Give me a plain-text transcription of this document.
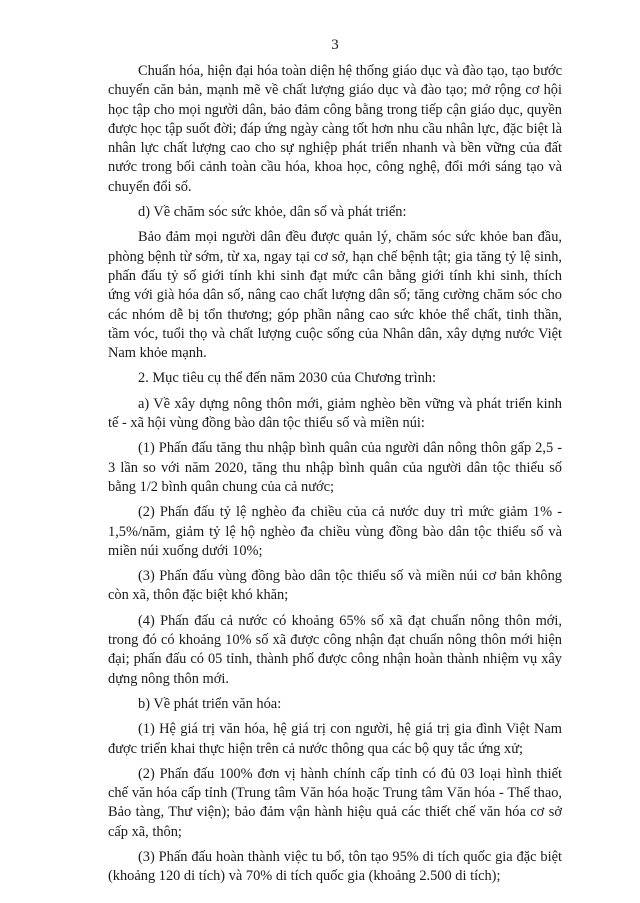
3

Chuẩn hóa, hiện đại hóa toàn diện hệ thống giáo dục và đào tạo, tạo bước chuyển căn bản, mạnh mẽ về chất lượng giáo dục và đào tạo; mở rộng cơ hội học tập cho mọi người dân, bảo đảm công bằng trong tiếp cận giáo dục, quyền được học tập suốt đời; đáp ứng ngày càng tốt hơn nhu cầu nhân lực, đặc biệt là nhân lực chất lượng cao cho sự nghiệp phát triển nhanh và bền vững của đất nước trong bối cảnh toàn cầu hóa, khoa học, công nghệ, đổi mới sáng tạo và chuyển đổi số.

d) Về chăm sóc sức khỏe, dân số và phát triển:

Bảo đảm mọi người dân đều được quản lý, chăm sóc sức khỏe ban đầu, phòng bệnh từ sớm, từ xa, ngay tại cơ sở, hạn chế bệnh tật; gia tăng tỷ lệ sinh, phấn đấu tỷ số giới tính khi sinh đạt mức cân bằng giới tính khi sinh, thích ứng với già hóa dân số, nâng cao chất lượng dân số; tăng cường chăm sóc cho các nhóm dễ bị tổn thương; góp phần nâng cao sức khỏe thể chất, tinh thần, tầm vóc, tuổi thọ và chất lượng cuộc sống của Nhân dân, xây dựng nước Việt Nam khỏe mạnh.

2. Mục tiêu cụ thể đến năm 2030 của Chương trình:

a) Về xây dựng nông thôn mới, giảm nghèo bền vững và phát triển kinh tế - xã hội vùng đồng bào dân tộc thiểu số và miền núi:

(1) Phấn đấu tăng thu nhập bình quân của người dân nông thôn gấp 2,5 - 3 lần so với năm 2020, tăng thu nhập bình quân của người dân tộc thiểu số bằng 1/2 bình quân chung của cả nước;

(2) Phấn đấu tỷ lệ nghèo đa chiều của cả nước duy trì mức giảm 1% - 1,5%/năm, giảm tỷ lệ hộ nghèo đa chiều vùng đồng bào dân tộc thiểu số và miền núi xuống dưới 10%;

(3) Phấn đấu vùng đồng bào dân tộc thiểu số và miền núi cơ bản không còn xã, thôn đặc biệt khó khăn;

(4) Phấn đấu cả nước có khoảng 65% số xã đạt chuẩn nông thôn mới, trong đó có khoảng 10% số xã được công nhận đạt chuẩn nông thôn mới hiện đại; phấn đấu có 05 tỉnh, thành phố được công nhận hoàn thành nhiệm vụ xây dựng nông thôn mới.

b) Về phát triển văn hóa:

(1) Hệ giá trị văn hóa, hệ giá trị con người, hệ giá trị gia đình Việt Nam được triển khai thực hiện trên cả nước thông qua các bộ quy tắc ứng xử;

(2) Phấn đấu 100% đơn vị hành chính cấp tỉnh có đủ 03 loại hình thiết chế văn hóa cấp tỉnh (Trung tâm Văn hóa hoặc Trung tâm Văn hóa - Thể thao, Bảo tàng, Thư viện); bảo đảm vận hành hiệu quả các thiết chế văn hóa cơ sở cấp xã, thôn;

(3) Phấn đấu hoàn thành việc tu bổ, tôn tạo 95% di tích quốc gia đặc biệt (khoảng 120 di tích) và 70% di tích quốc gia (khoảng 2.500 di tích);
